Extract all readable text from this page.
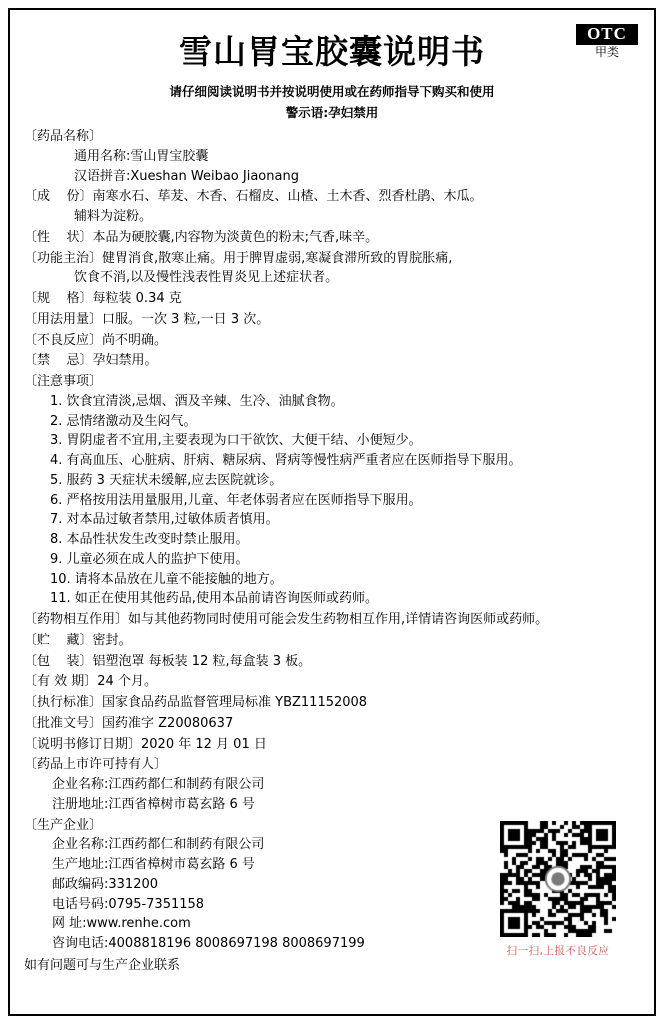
OTC
甲类
雪山胃宝胶囊说明书
请仔细阅读说明书并按说明使用或在药师指导下购买和使用
警示语:孕妇禁用
〔药品名称〕
通用名称:雪山胃宝胶囊
汉语拼音:Xueshan Weibao Jiaonang
〔成    份〕南寒水石、荜茇、木香、石榴皮、山楂、土木香、烈香杜鹃、木瓜。
辅料为淀粉。
〔性    状〕本品为硬胶囊,内容物为淡黄色的粉末;气香,味辛。
〔功能主治〕健胃消食,散寒止痛。用于脾胃虚弱,寒凝食滞所致的胃脘胀痛,
饮食不消,以及慢性浅表性胃炎见上述症状者。
〔规    格〕每粒装 0.34 克
〔用法用量〕口服。一次 3 粒,一日 3 次。
〔不良反应〕尚不明确。
〔禁    忌〕孕妇禁用。
〔注意事项〕
1. 饮食宜清淡,忌烟、酒及辛辣、生冷、油腻食物。
2. 忌情绪激动及生闷气。
3. 胃阴虚者不宜用,主要表现为口干欲饮、大便干结、小便短少。
4. 有高血压、心脏病、肝病、糖尿病、肾病等慢性病严重者应在医师指导下服用。
5. 服药 3 天症状未缓解,应去医院就诊。
6. 严格按用法用量服用,儿童、年老体弱者应在医师指导下服用。
7. 对本品过敏者禁用,过敏体质者慎用。
8. 本品性状发生改变时禁止服用。
9. 儿童必须在成人的监护下使用。
10. 请将本品放在儿童不能接触的地方。
11. 如正在使用其他药品,使用本品前请咨询医师或药师。
〔药物相互作用〕如与其他药物同时使用可能会发生药物相互作用,详情请咨询医师或药师。
〔贮    藏〕密封。
〔包    装〕铝塑泡罩 每板装 12 粒,每盒装 3 板。
〔有 效 期〕24 个月。
〔执行标准〕国家食品药品监督管理局标准 YBZ11152008
〔批准文号〕国药准字 Z20080637
〔说明书修订日期〕2020 年 12 月 01 日
〔药品上市许可持有人〕
企业名称:江西药都仁和制药有限公司
注册地址:江西省樟树市葛玄路 6 号
〔生产企业〕
企业名称:江西药都仁和制药有限公司
生产地址:江西省樟树市葛玄路 6 号
邮政编码:331200
电话号码:0795-7351158
网 址:www.renhe.com
咨询电话:4008818196 8008697198 8008697199
如有问题可与生产企业联系
扫一扫,上报不良反应
